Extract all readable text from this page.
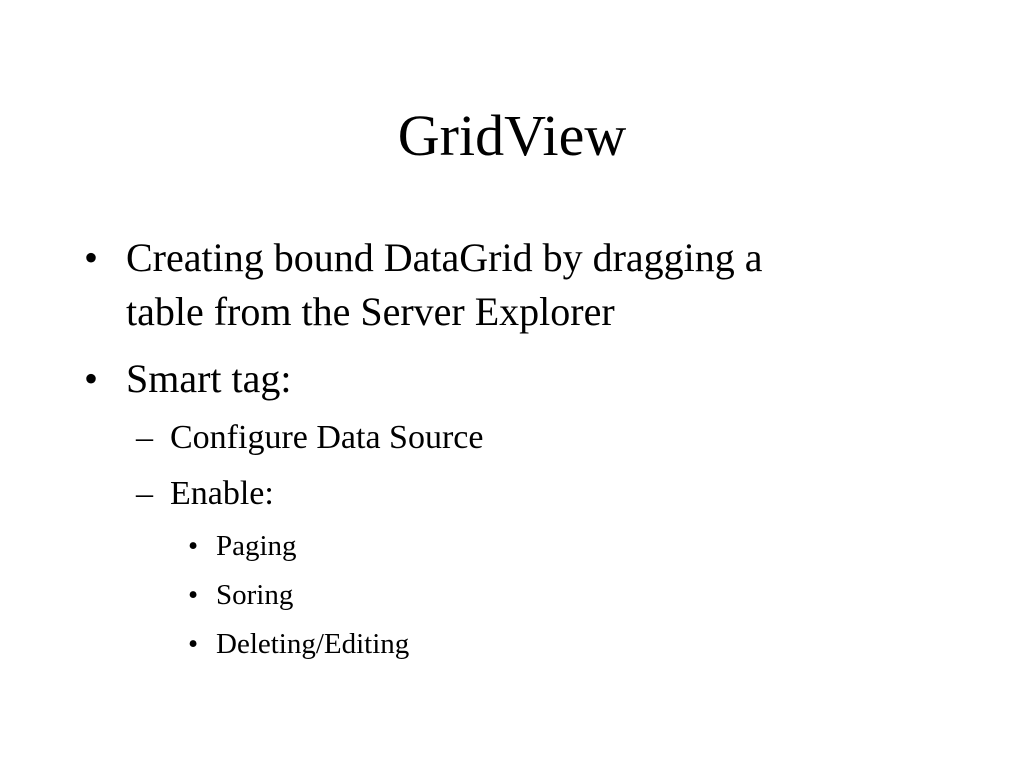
GridView
• Creating bound DataGrid by dragging a
table from the Server Explorer
• Smart tag:
– Configure Data Source
– Enable:
• Paging
• Soring
• Deleting/Editing
